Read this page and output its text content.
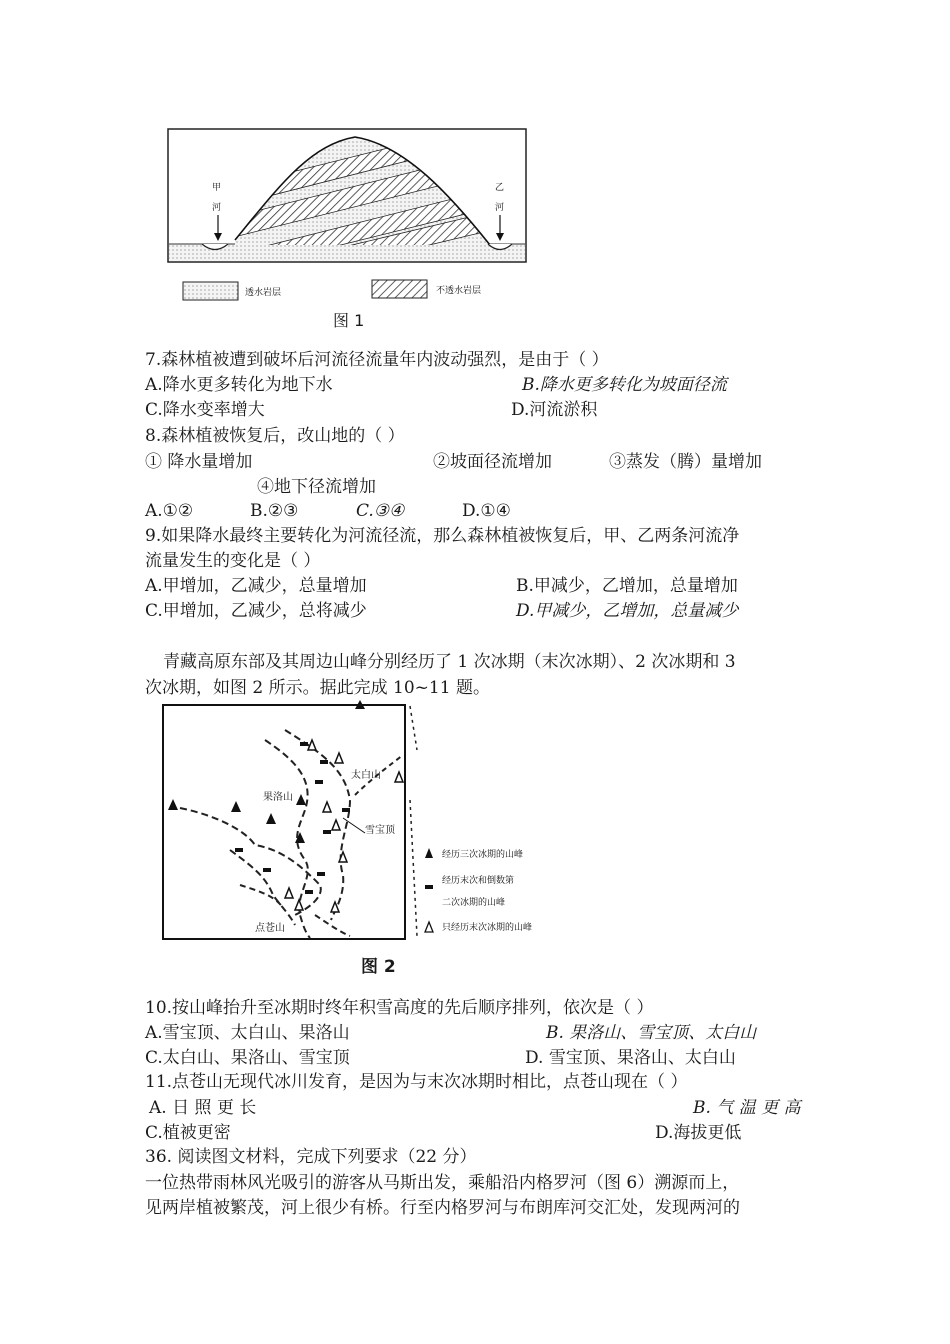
甲
河
乙
河
透水岩层	不透水岩层
图 1
7.森林植被遭到破坏后河流径流量年内波动强烈，是由于（ ）
A.降水更多转化为地下水	B.降水更多转化为坡面径流
C.降水变率增大	D.河流淤积
8.森林植被恢复后，改山地的（ ）
① 降水量增加	②坡面径流增加	③蒸发（腾）量增加
④地下径流增加
A.①②	B.②③	C.③④	D.①④
9.如果降水最终主要转化为河流径流，那么森林植被恢复后，甲、乙两条河流净
流量发生的变化是（ ）
A.甲增加，乙减少，总量增加	B.甲减少，乙增加，总量增加
C.甲增加，乙减少，总将减少	D.甲减少，乙增加，总量减少
青藏高原东部及其周边山峰分别经历了 1 次冰期（末次冰期）、2 次冰期和 3
次冰期，如图 2 所示。据此完成 10~11 题。
太白山
果洛山
雪宝顶
点苍山
经历三次冰期的山峰
经历末次和倒数第
二次冰期的山峰
只经历末次冰期的山峰
图 2
10.按山峰抬升至冰期时终年积雪高度的先后顺序排列，依次是（ ）
A.雪宝顶、太白山、果洛山	B. 果洛山、雪宝顶、太白山
C.太白山、果洛山、雪宝顶	D. 雪宝顶、果洛山、太白山
11.点苍山无现代冰川发育，是因为与末次冰期时相比，点苍山现在（ ）
A. 日 照 更 长	B. 气 温 更 高
C.植被更密	D.海拔更低
36. 阅读图文材料，完成下列要求（22 分）
一位热带雨林风光吸引的游客从马斯出发，乘船沿内格罗河（图 6）溯源而上，
见两岸植被繁茂，河上很少有桥。行至内格罗河与布朗库河交汇处，发现两河的
